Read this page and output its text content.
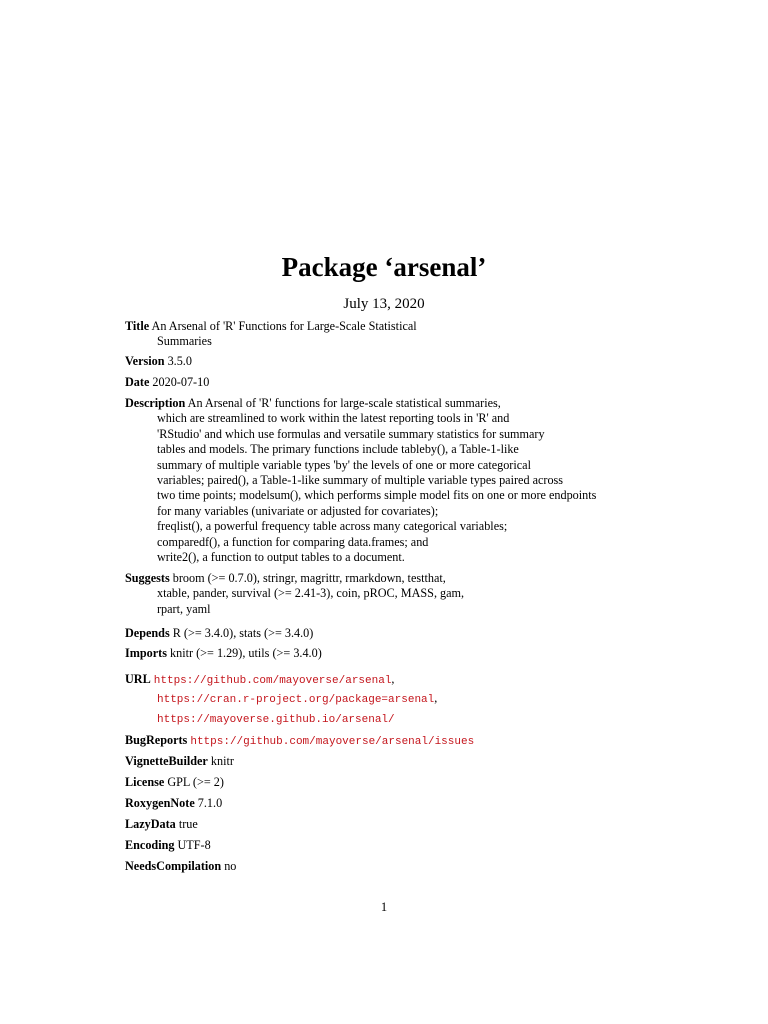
Package ‘arsenal’
July 13, 2020
Title An Arsenal of 'R' Functions for Large-Scale Statistical
Summaries
Version 3.5.0
Date 2020-07-10
Description An Arsenal of 'R' functions for large-scale statistical summaries,
which are streamlined to work within the latest reporting tools in 'R' and
'RStudio' and which use formulas and versatile summary statistics for summary
tables and models. The primary functions include tableby(), a Table-1-like
summary of multiple variable types 'by' the levels of one or more categorical
variables; paired(), a Table-1-like summary of multiple variable types paired across
two time points; modelsum(), which performs simple model fits on one or more endpoints
for many variables (univariate or adjusted for covariates);
freqlist(), a powerful frequency table across many categorical variables;
comparedf(), a function for comparing data.frames; and
write2(), a function to output tables to a document.
Suggests broom (>= 0.7.0), stringr, magrittr, rmarkdown, testthat,
xtable, pander, survival (>= 2.41-3), coin, pROC, MASS, gam,
rpart, yaml
Depends R (>= 3.4.0), stats (>= 3.4.0)
Imports knitr (>= 1.29), utils (>= 3.4.0)
URL https://github.com/mayoverse/arsenal,
https://cran.r-project.org/package=arsenal,
https://mayoverse.github.io/arsenal/
BugReports https://github.com/mayoverse/arsenal/issues
VignetteBuilder knitr
License GPL (>= 2)
RoxygenNote 7.1.0
LazyData true
Encoding UTF-8
NeedsCompilation no
1
